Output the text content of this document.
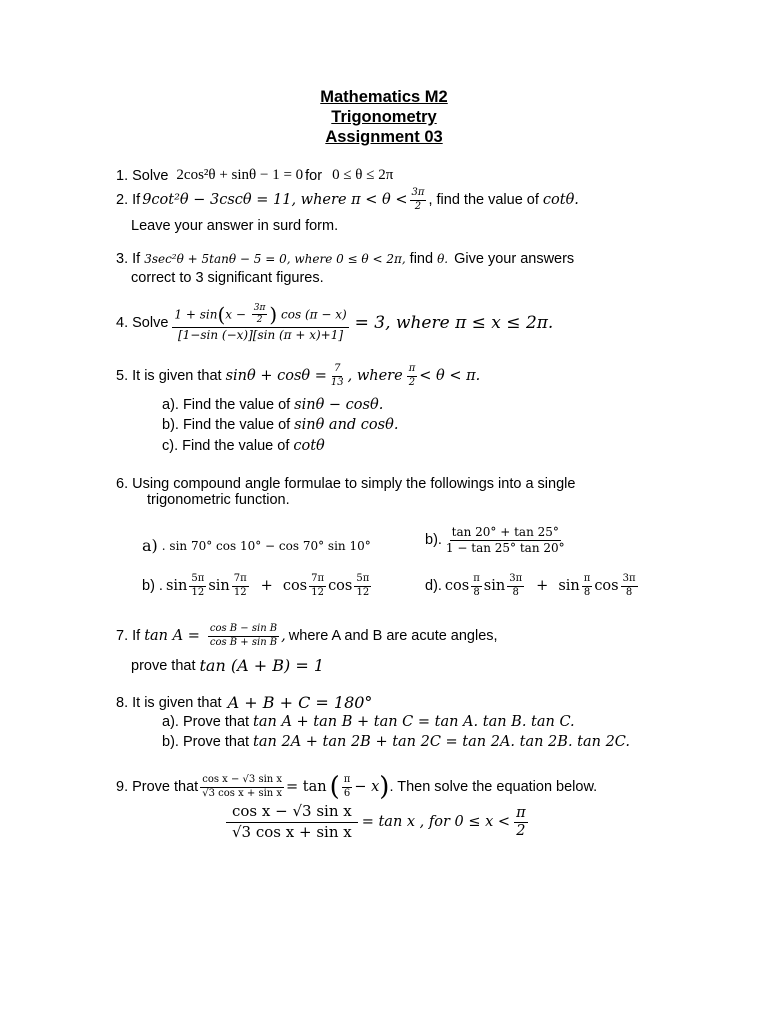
Mathematics M2
Trigonometry
Assignment 03
1. Solve 2cos²θ + sinθ − 1 = 0 for 0 ≤ θ ≤ 2π
2. If 9cot²θ − 3cscθ = 11, where $\pi < \theta < \frac{3\pi}{2}$ , find the value of cotθ.
Leave your answer in surd form.
3. If 3sec²θ + 5tanθ − 5 = 0, where 0 ≤ θ < 2π, find θ. Give your answers
correct to 3 significant figures.
4. Solve
$1 + \sin(x - \frac{3\pi}{2}$ ) cos (π − x)
[1−sin (−x)][sin (π + x)+1]
= 3, where π ≤ x ≤ 2π.
5. It is given that $\sin\theta + \cos\theta = \frac{7}{13}$ , where $\frac{\pi}{2} < \theta < \pi$.
a). Find the value of sinθ − cosθ.
b). Find the value of sinθ and cosθ.
c). Find the value of cotθ
6. Using compound angle formulae to simply the followings into a single
trigonometric function.
a) . sin 70° cos 10° − cos 70° sin 10°	b). $\frac{\tan 20^\circ + \tan 25^\circ}{1 - \tan 25^\circ \tan 20^\circ}$
b) . $\sin \frac{5\pi}{12}$ $\sin \frac{7\pi}{12} + \cos \frac{7\pi}{12}$ $\cos \frac{5\pi}{12}$	d). $\cos \frac{\pi}{8}$ $\sin \frac{3\pi}{8} + \sin \frac{\pi}{8}$ $\cos \frac{3\pi}{8}$
7. If $\tan A = \frac{\text{cos B − sin B}}{\text{cos B + sin B}}$ , where A and B are acute angles,
prove that tan (A + B) = 1
8. It is given that A + B + C = 180°
a). Prove that tan A + tan B + tan C = tan A. tan B. tan C.
b). Prove that tan 2A + tan 2B + tan 2C = tan 2A. tan 2B. tan 2C.
9. Prove that $\frac{\text{cos x − √3 sin x}}{\text{√3 cos x + sin x}} = \tan$ ( $\frac{\pi}{6} - x$ ) . Then solve the equation below.
$\frac{\text{cos x − √3 sin x}}{\text{√3 cos x + sin x}} = \tan x$ , for $0 \le x < \frac{\pi}{2}$
